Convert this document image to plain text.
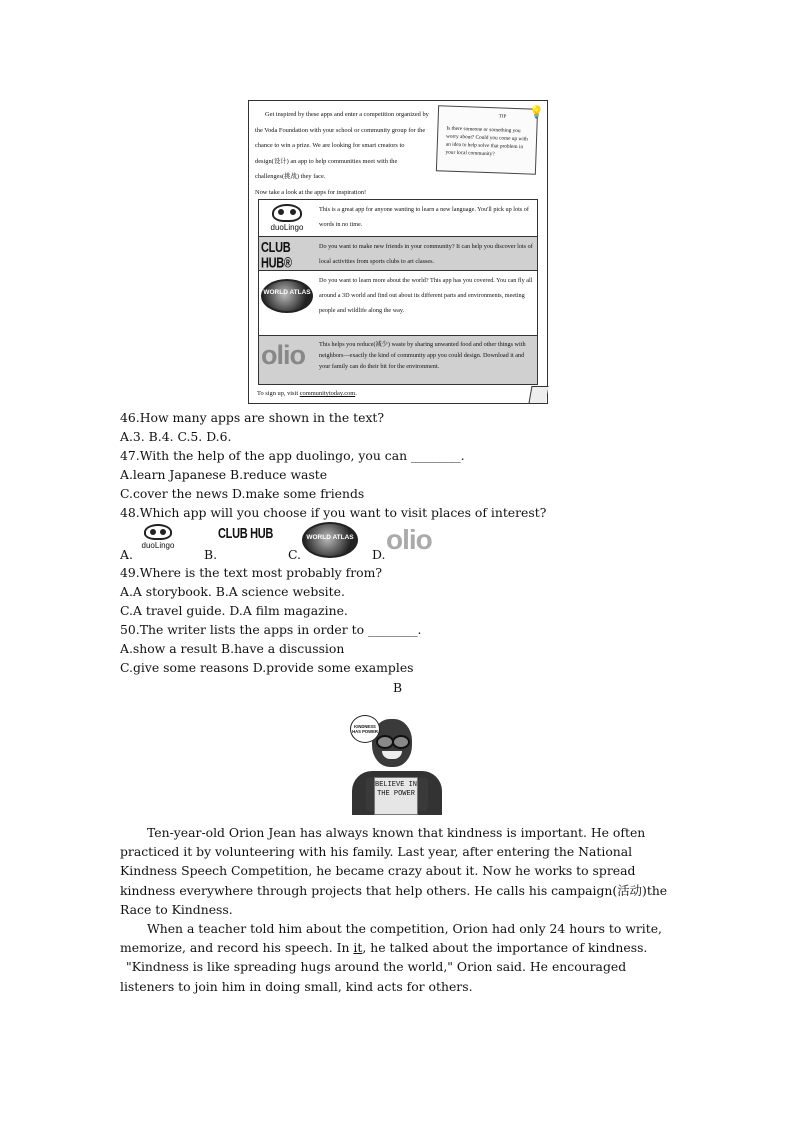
Get inspired by these apps and enter a competition organized by the Voda Foundation with your school or community group for the chance to win a prize. We are looking for smart creators to design(设计) an app to help communities meet with the challenges(挑战) they face.

Now take a look at the apps for inspiration!
TIP
Is there someone or something you worry about? Could you come up with an idea to help solve that problem in your local community?
💡
duoLingo
This is a great app for anyone wanting to learn a new language. You'll pick up lots of words in no time.
CLUB HUB®
Do you want to make new friends in your community? It can help you discover lots of local activities from sports clubs to art classes.
WORLD ATLAS
Do you want to learn more about the world? This app has you covered. You can fly all around a 3D world and find out about its different parts and environments, meeting people and wildlife along the way.
olio	This helps you reduce(减少) waste by sharing unwanted food and other things with neighbors—exactly the kind of community app you could design. Download it and your family can do their bit for the environment.
To sign up, visit communitytoday.com.
46.How many apps are shown in the text?
A.3. B.4. C.5. D.6.
47.With the help of the app duolingo, you can ________.
A.learn Japanese B.reduce waste
C.cover the news D.make some friends
48.Which app will you choose if you want to visit places of interest?
A.
duoLingo
B.
CLUB HUB
C.
WORLD ATLAS
D. olio
49.Where is the text most probably from?
A.A storybook. B.A science website.
C.A travel guide. D.A film magazine.
50.The writer lists the apps in order to ________.
A.show a result B.have a discussion
C.give some reasons D.provide some examples
B
KINDNESS HAS POWER
BELIEVE IN THE POWER

Ten-year-old Orion Jean has always known that kindness is important. He often practiced it by volunteering with his family. Last year, after entering the National Kindness Speech Competition, he became crazy about it. Now he works to spread kindness everywhere through projects that help others. He calls his campaign(活动)the Race to Kindness.

When a teacher told him about the competition, Orion had only 24 hours to write, memorize, and record his speech. In it, he talked about the importance of kindness.

"Kindness is like spreading hugs around the world," Orion said. He encouraged listeners to join him in doing small, kind acts for others.
